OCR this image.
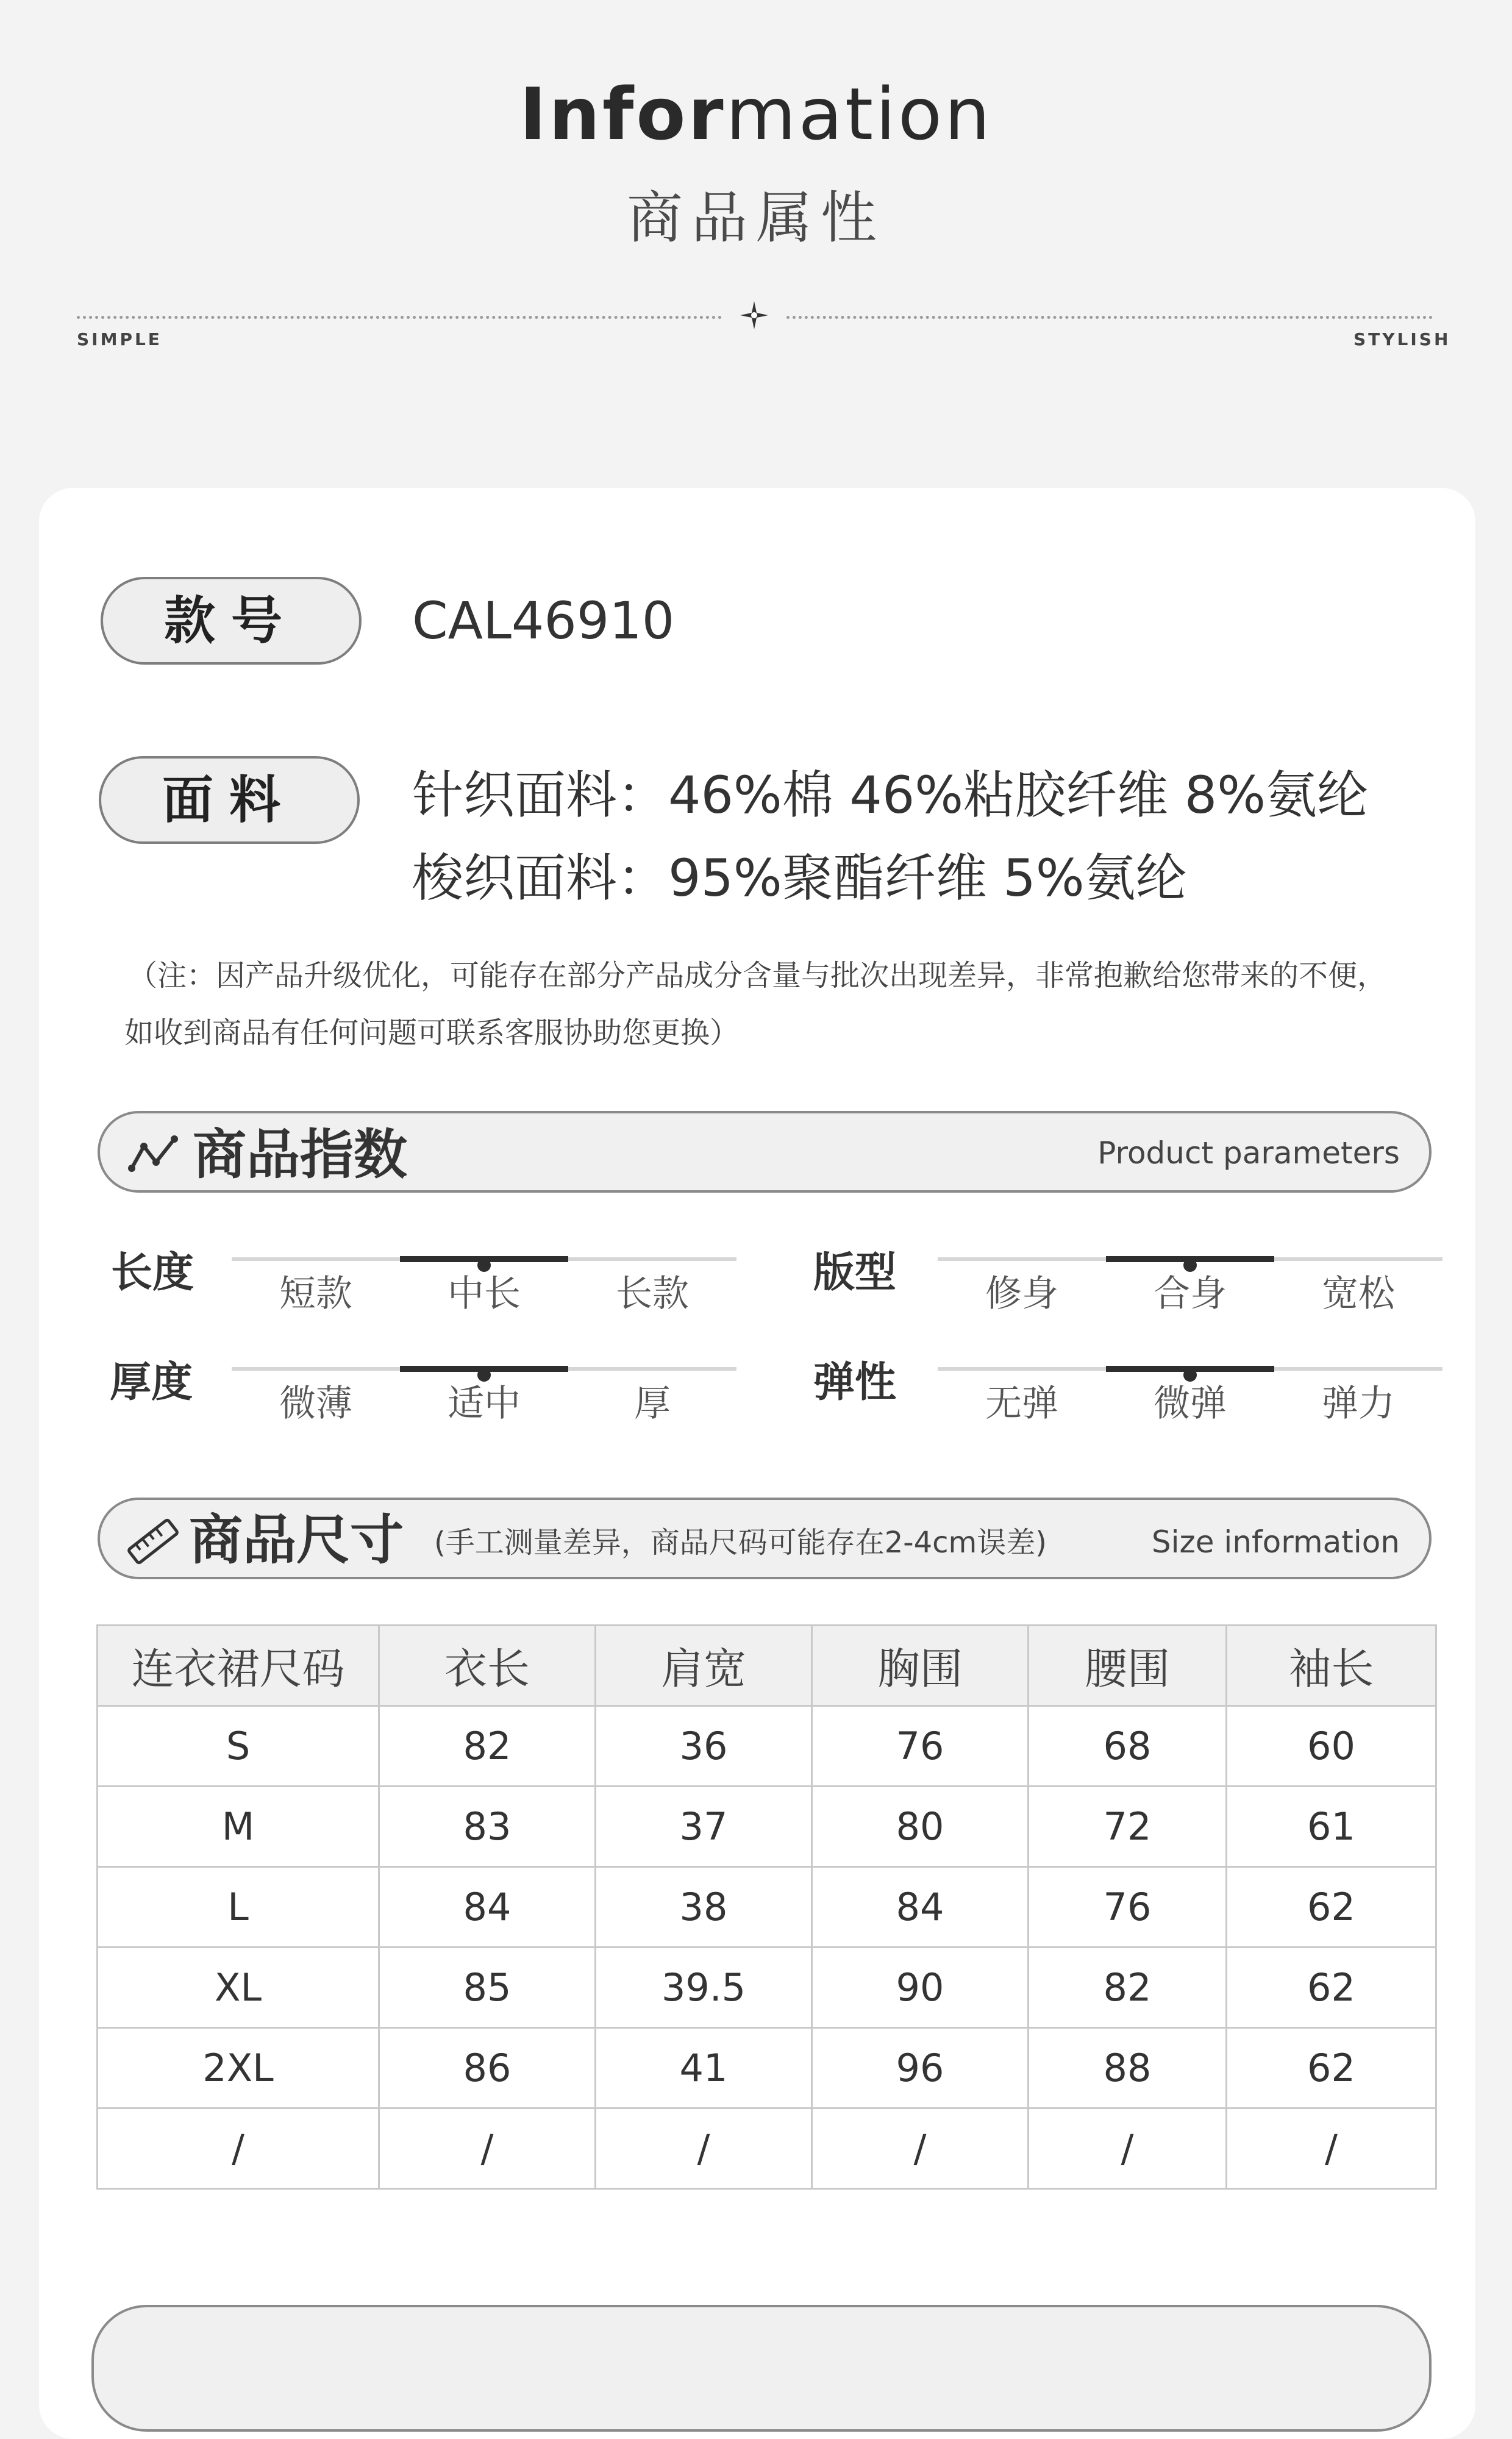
Information
商品属性
SIMPLE	STYLISH
款号	CAL46910
面料	针织面料：46%棉 46%粘胶纤维 8%氨纶
梭织面料：95%聚酯纤维 5%氨纶
（注：因产品升级优化，可能存在部分产品成分含量与批次出现差异，非常抱歉给您带来的不便，
如收到商品有任何问题可联系客服协助您更换）
商品指数	Product parameters
长度	短款	中长	长款	版型	修身	合身	宽松
厚度	微薄	适中	厚	弹性	无弹	微弹	弹力
商品尺寸 (手工测量差异，商品尺码可能存在2-4cm误差)	Size information
连衣裙尺码	衣长	肩宽	胸围	腰围	袖长
S	82	36	76	68	60
M	83	37	80	72	61
L	84	38	84	76	62
XL	85	39.5	90	82	62
2XL	86	41	96	88	62
/	/	/	/	/	/
